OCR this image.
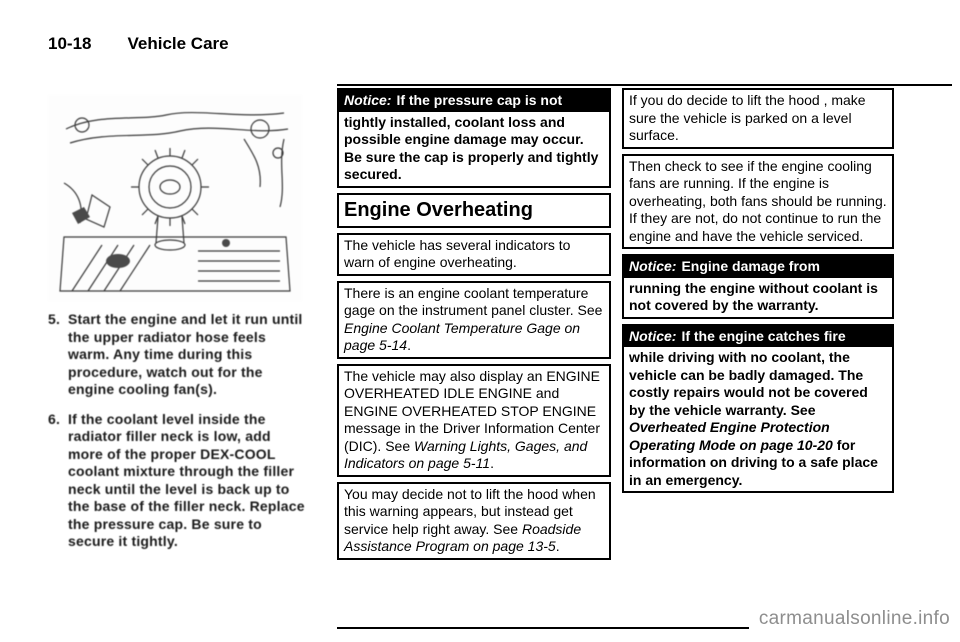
10-18 Vehicle Care
5. Start the engine and let it run until the upper radiator hose feels warm. Any time during this procedure, watch out for the engine cooling fan(s).
6. If the coolant level inside the radiator filler neck is low, add more of the proper DEX-COOL coolant mixture through the filler neck until the level is back up to the base of the filler neck. Replace the pressure cap. Be sure to secure it tightly.
Notice: If the pressure cap is not
tightly installed, coolant loss and possible engine damage may occur. Be sure the cap is properly and tightly secured.
Engine Overheating
The vehicle has several indicators to warn of engine overheating.
There is an engine coolant temperature gage on the instrument panel cluster. See Engine Coolant Temperature Gage on page 5-14.
The vehicle may also display an ENGINE OVERHEATED IDLE ENGINE and ENGINE OVERHEATED STOP ENGINE message in the Driver Information Center (DIC). See Warning Lights, Gages, and Indicators on page 5-11.
You may decide not to lift the hood when this warning appears, but instead get service help right away. See Roadside Assistance Program on page 13-5.
If you do decide to lift the hood , make sure the vehicle is parked on a level surface.
Then check to see if the engine cooling fans are running. If the engine is overheating, both fans should be running. If they are not, do not continue to run the engine and have the vehicle serviced.
Notice: Engine damage from
running the engine without coolant is not covered by the warranty.
Notice: If the engine catches fire
while driving with no coolant, the vehicle can be badly damaged. The costly repairs would not be covered by the vehicle warranty. See Overheated Engine Protection Operating Mode on page 10-20 for information on driving to a safe place in an emergency.
carmanualsonline.info
